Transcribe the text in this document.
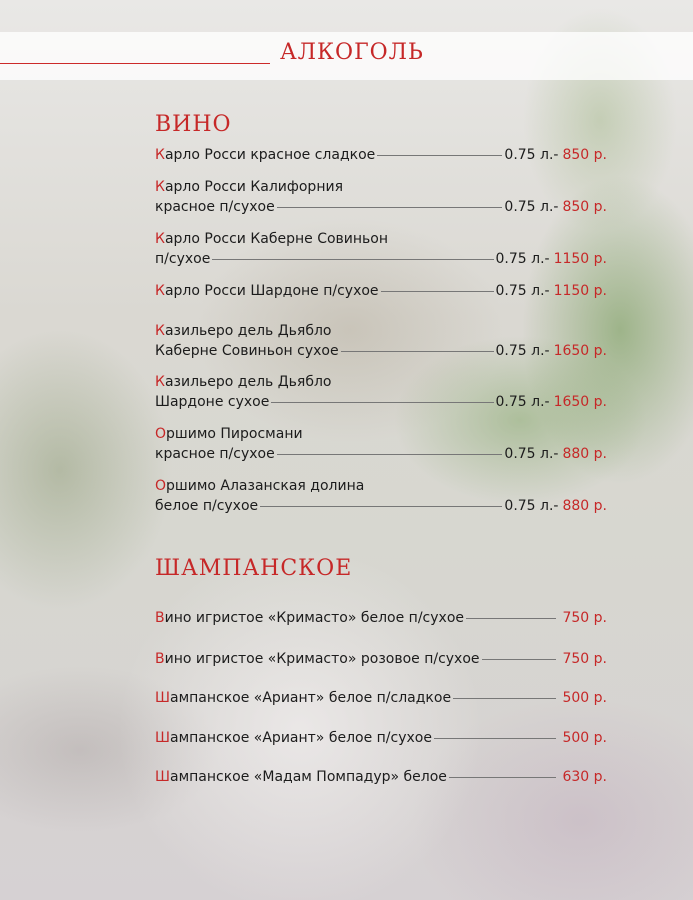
АЛКОГОЛЬ
ВИНО
К арло Росси красное сладкое	0.75 л.- 850 р.
К арло Росси Калифорния
красное п/сухое	0.75 л.- 850 р.
К арло Росси Каберне Совиньон
п/сухое	0.75 л.- 1150 р.
К арло Росси Шардоне п/сухое	0.75 л.- 1150 р.
К азильеро дель Дьябло
Каберне Совиньон сухое	0.75 л.- 1650 р.
К азильеро дель Дьябло
Шардоне сухое	0.75 л.- 1650 р.
О ршимо Пиросмани
красное п/сухое	0.75 л.- 880 р.
О ршимо Алазанская долина
белое п/сухое	0.75 л.- 880 р.
ШАМПАНСКОЕ
В ино игристое «Кримасто» белое п/сухое	750 р.
В ино игристое «Кримасто» розовое п/сухое	750 р.
Ш ампанское «Ариант» белое п/сладкое	500 р.
Ш ампанское «Ариант» белое п/сухое	500 р.
Ш ампанское «Мадам Помпадур» белое	630 р.
